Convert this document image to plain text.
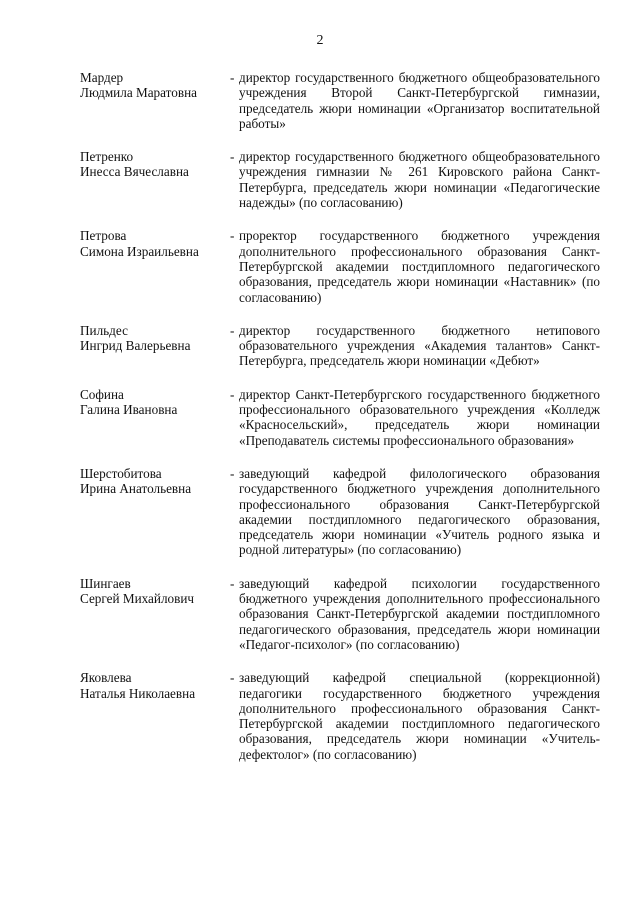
2
Мардер
Людмила Маратовна
- директор государственного бюджетного общеобразовательного учреждения Второй Санкт-Петербургской гимназии, председатель жюри номинации «Организатор воспитательной работы»
Петренко
Инесса Вячеславна
- директор государственного бюджетного общеобразовательного учреждения гимназии № 261 Кировского района Санкт-Петербурга, председатель жюри номинации «Педагогические надежды» (по согласованию)
Петрова
Симона Израильевна
- проректор государственного бюджетного учреждения дополнительного профессионального образования Санкт-Петербургской академии постдипломного педагогического образования, председатель жюри номинации «Наставник» (по согласованию)
Пильдес
Ингрид Валерьевна
- директор государственного бюджетного нетипового образовательного учреждения «Академия талантов» Санкт-Петербурга, председатель жюри номинации «Дебют»
Софина
Галина Ивановна
- директор Санкт-Петербургского государственного бюджетного профессионального образовательного учреждения «Колледж «Красносельский», председатель жюри номинации «Преподаватель системы профессионального образования»
Шерстобитова
Ирина Анатольевна
- заведующий кафедрой филологического образования государственного бюджетного учреждения дополнительного профессионального образования Санкт-Петербургской академии постдипломного педагогического образования, председатель жюри номинации «Учитель родного языка и родной литературы» (по согласованию)
Шингаев
Сергей Михайлович
- заведующий кафедрой психологии государственного бюджетного учреждения дополнительного профессионального образования Санкт-Петербургской академии постдипломного педагогического образования, председатель жюри номинации «Педагог-психолог» (по согласованию)
Яковлева
Наталья Николаевна
- заведующий кафедрой специальной (коррекционной) педагогики государственного бюджетного учреждения дополнительного профессионального образования Санкт-Петербургской академии постдипломного педагогического образования, председатель жюри номинации «Учитель-дефектолог» (по согласованию)
